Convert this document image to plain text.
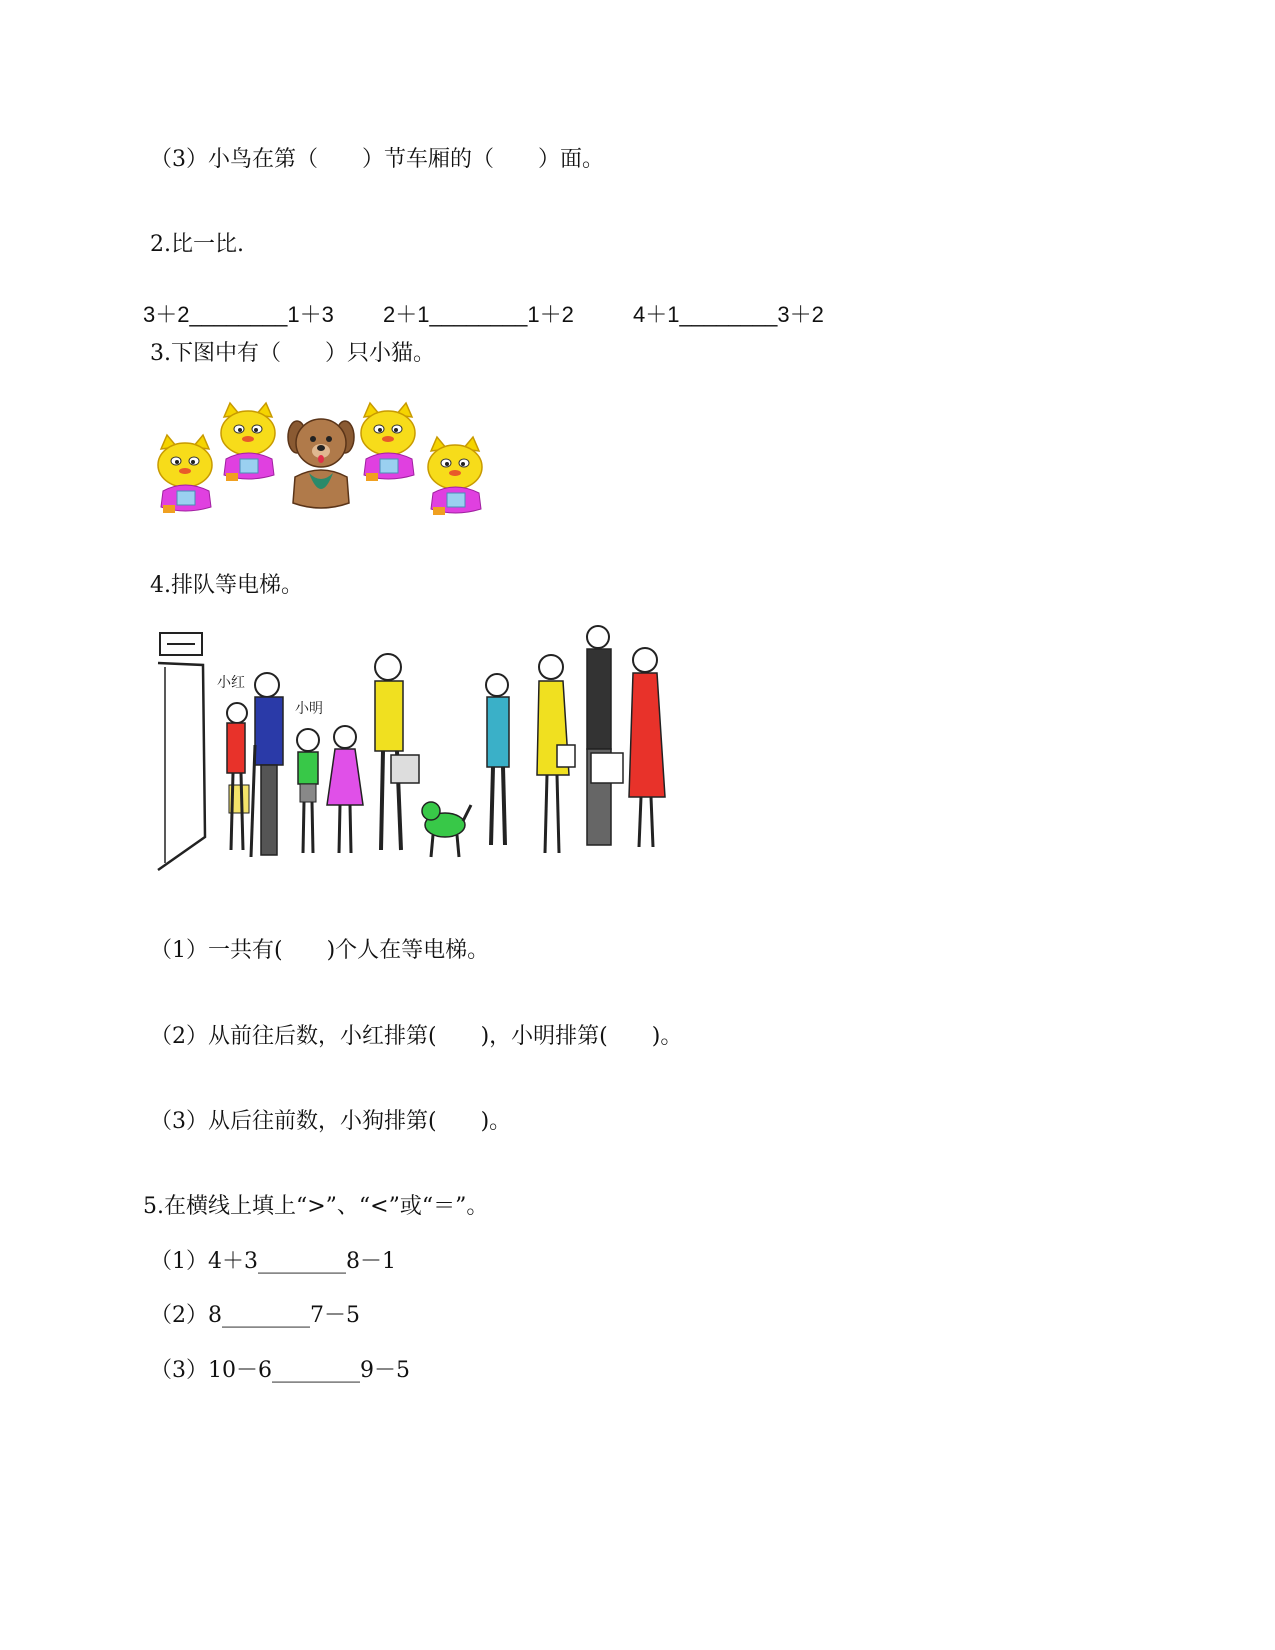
（3）小鸟在第（　　）节车厢的（　　）面。
2.比一比.
3＋2________1＋3 2＋1________1＋2	4＋1________3＋2
3.下图中有（　　）只小猫。
4.排队等电梯。
小红
小明
（1）一共有(　　)个人在等电梯。
（2）从前往后数，小红排第(　　)，小明排第(　　)。
（3）从后往前数，小狗排第(　　)。
5.在横线上填上“>”、“<”或“＝”。
（1）4＋3________8－1
（2）8________7－5
（3）10－6________9－5
